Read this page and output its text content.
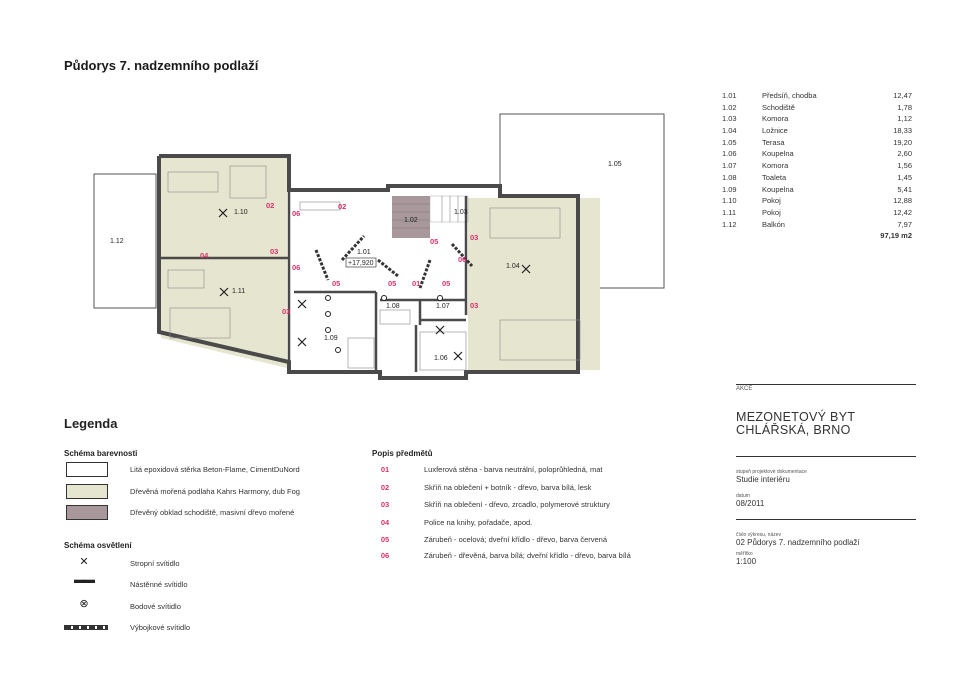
Půdorys 7. nadzemního podlaží
1.05
1.12
1.10
1.11
1.04
1.01
1.02
1.03
1.08	1.07
1.09
1.06
+17,920
02	02
06
04	03
06
03
05	05 01	05
03
06
03
05
1.01	Předsíň, chodba	12,47
1.02	Schodiště	1,78
1.03	Komora	1,12
1.04	Ložnice	18,33
1.05	Terasa	19,20
1.06	Koupelna	2,60
1.07	Komora	1,56
1.08	Toaleta	1,45
1.09	Koupelna	5,41
1.10	Pokoj	12,88
1.11	Pokoj	12,42
1.12	Balkón	7,97
97,19 m2
Legenda
Schéma barevnosti
Litá epoxidová stěrka Beton-Flame, CimentDuNord
Dřevěná mořená podlaha Kahrs Harmony, dub Fog
Dřevěný obklad schodiště, masivní dřevo mořené
Schéma osvětlení
✕	Stropní svítidlo
▬▬	Nástěnné svítidlo
⊗	Bodové svítidlo
Výbojkové svítidlo
Popis předmětů
01	Luxferová stěna - barva neutrální, poloprůhledná, mat
02	Skříň na oblečení + botník - dřevo, barva bílá, lesk
03	Skříň na oblečení - dřevo, zrcadlo, polymerové struktury
04	Police na knihy, pořadače, apod.
05	Zárubeň - ocelová; dveřní křídlo - dřevo, barva červená
06	Zárubeň - dřevěná, barva bílá; dveřní křídlo - dřevo, barva bílá
AKCE
MEZONETOVÝ BYT
CHLÁŘSKÁ, BRNO
stupeň projektové dokumentace
Studie interiéru
datum
08/2011
číslo výkresu, název
02 Půdorys 7. nadzemního podlaží
měřítko
1:100
